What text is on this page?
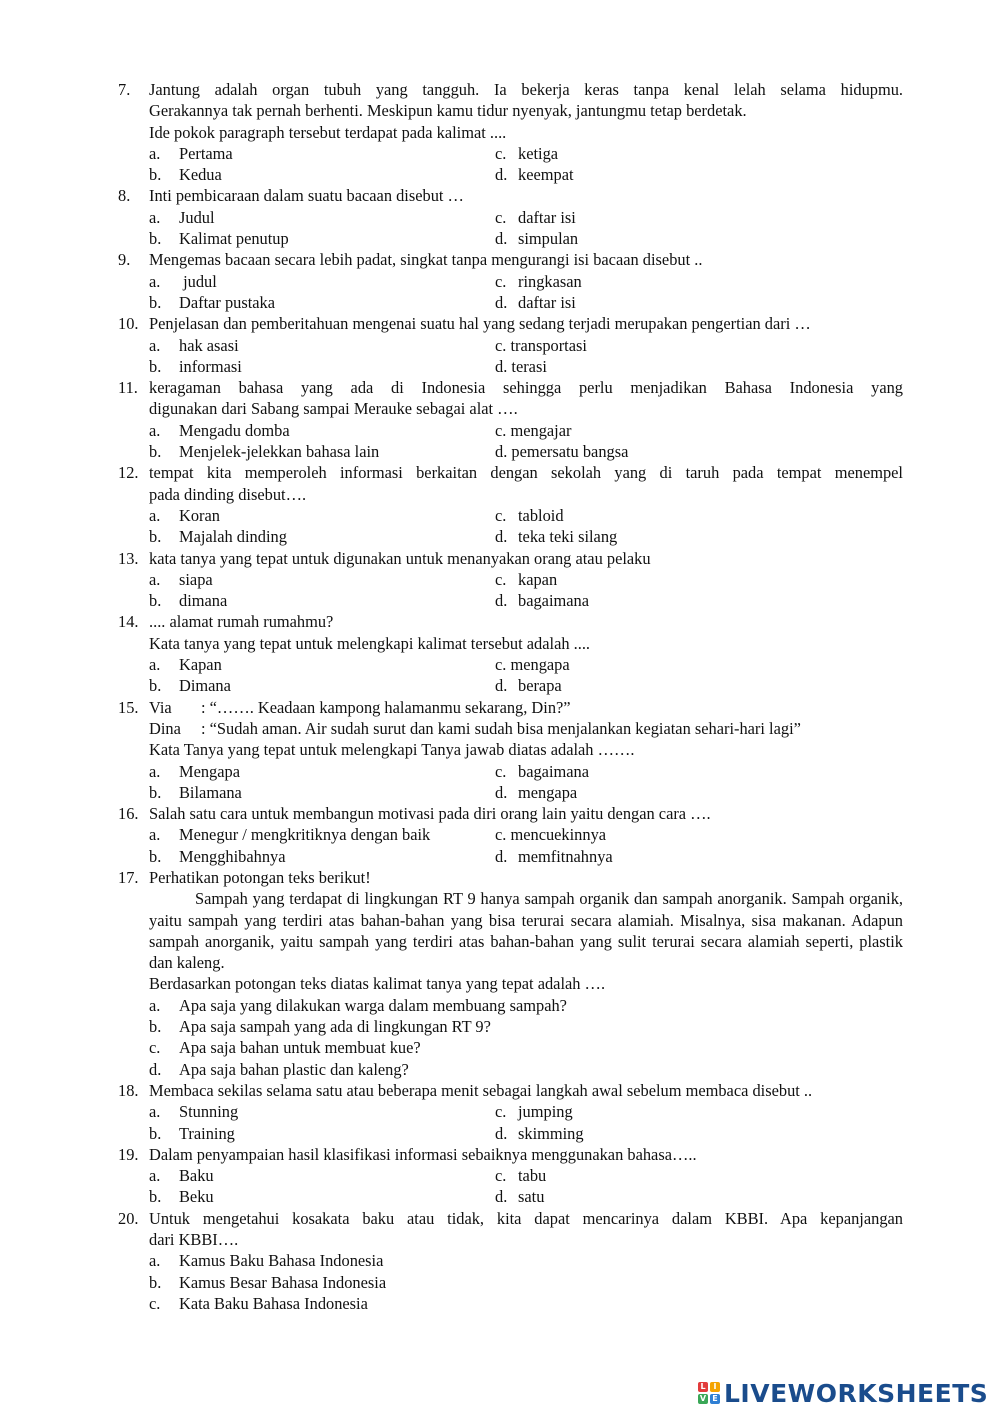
7. Jantung adalah organ tubuh yang tangguh. Ia bekerja keras tanpa kenal lelah selama hidupmu.
Gerakannya tak pernah berhenti. Meskipun kamu tidur nyenyak, jantungmu tetap berdetak.
Ide pokok paragraph tersebut terdapat pada kalimat ....
a. Pertama	c. ketiga
b. Kedua	d. keempat
8. Inti pembicaraan dalam suatu bacaan disebut …
a. Judul	c. daftar isi
b. Kalimat penutup	d. simpulan
9. Mengemas bacaan secara lebih padat, singkat tanpa mengurangi isi bacaan disebut ..
a. judul	c. ringkasan
b. Daftar pustaka	d. daftar isi
10. Penjelasan dan pemberitahuan mengenai suatu hal yang sedang terjadi merupakan pengertian dari …
a. hak asasi	c. transportasi
b. informasi	d. terasi
11. keragaman bahasa yang ada di Indonesia sehingga perlu menjadikan Bahasa Indonesia yang
digunakan dari Sabang sampai Merauke sebagai alat ….
a. Mengadu domba	c. mengajar
b. Menjelek-jelekkan bahasa lain	d. pemersatu bangsa
12. tempat kita memperoleh informasi berkaitan dengan sekolah yang di taruh pada tempat menempel
pada dinding disebut….
a. Koran	c. tabloid
b. Majalah dinding	d. teka teki silang
13. kata tanya yang tepat untuk digunakan untuk menanyakan orang atau pelaku
a. siapa	c. kapan
b. dimana	d. bagaimana
14. .... alamat rumah rumahmu?
Kata tanya yang tepat untuk melengkapi kalimat tersebut adalah ....
a. Kapan	c. mengapa
b. Dimana	d. berapa
15. Via : “……. Keadaan kampong halamanmu sekarang, Din?”
Dina : “Sudah aman. Air sudah surut dan kami sudah bisa menjalankan kegiatan sehari-hari lagi”
Kata Tanya yang tepat untuk melengkapi Tanya jawab diatas adalah …….
a. Mengapa	c. bagaimana
b. Bilamana	d. mengapa
16. Salah satu cara untuk membangun motivasi pada diri orang lain yaitu dengan cara ….
a. Menegur / mengkritiknya dengan baik	c. mencuekinnya
b. Mengghibahnya	d. memfitnahnya
17. Perhatikan potongan teks berikut!
Sampah yang terdapat di lingkungan RT 9 hanya sampah organik dan sampah anorganik. Sampah organik, yaitu sampah yang terdiri atas bahan-bahan yang bisa terurai secara alamiah. Misalnya, sisa makanan. Adapun sampah anorganik, yaitu sampah yang terdiri atas bahan-bahan yang sulit terurai secara alamiah seperti, plastik dan kaleng.
Berdasarkan potongan teks diatas kalimat tanya yang tepat adalah ….
a. Apa saja yang dilakukan warga dalam membuang sampah?
b. Apa saja sampah yang ada di lingkungan RT 9?
c. Apa saja bahan untuk membuat kue?
d. Apa saja bahan plastic dan kaleng?
18. Membaca sekilas selama satu atau beberapa menit sebagai langkah awal sebelum membaca disebut ..
a. Stunning	c. jumping
b. Training	d. skimming
19. Dalam penyampaian hasil klasifikasi informasi sebaiknya menggunakan bahasa…..
a. Baku	c. tabu
b. Beku	d. satu
20. Untuk mengetahui kosakata baku atau tidak, kita dapat mencarinya dalam KBBI. Apa kepanjangan
dari KBBI….
a. Kamus Baku Bahasa Indonesia
b. Kamus Besar Bahasa Indonesia
c. Kata Baku Bahasa Indonesia
L I
V E LIVEWORKSHEETS
